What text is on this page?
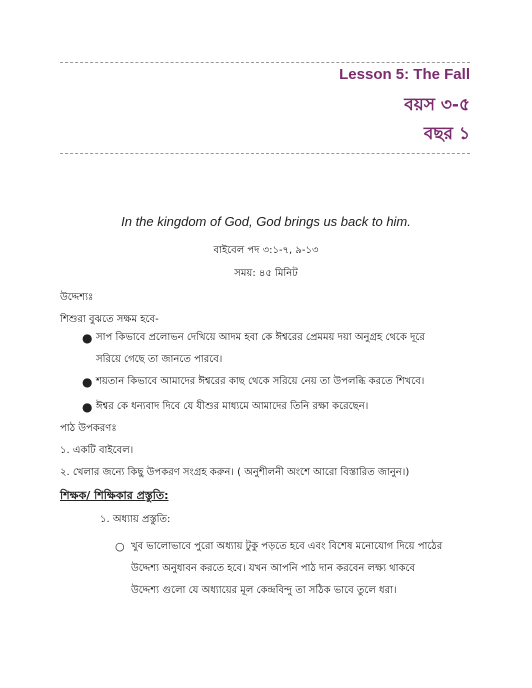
Lesson 5: The Fall
বয়স ৩-৫
বছর ১
In the kingdom of God, God brings us back to him.
বাইবেল পদ ৩:১-৭, ৯-১৩
সময়: ৪৫ মিনিট
উদ্দেশ্যঃ
শিশুরা বুঝতে সক্ষম হবে-
● সাপ কিভাবে প্রলোভন দেখিয়ে আদম হবা কে ঈশ্বরের প্রেমময় দয়া অনুগ্রহ থেকে দূরে
সরিয়ে গেছে তা জানতে পারবে।
● শয়তান কিভাবে আমাদের ঈশ্বরের কাছ থেকে সরিয়ে নেয় তা উপলব্ধি করতে শিখবে।
● ঈশ্বর কে ধন্যবাদ দিবে যে যীশুর মাধ্যমে আমাদের তিনি রক্ষা করেছেন।
পাঠ উপকরণঃ
১. একটি বাইবেল।
২. খেলার জন্যে কিছু উপকরণ সংগ্রহ করুন। ( অনুশীলনী অংশে আরো বিস্তারিত জানুন।)
শিক্ষক/ শিক্ষিকার প্রস্তুতি:
১. অধ্যায় প্রস্তুতি:
○ খুব ভালোভাবে পুরো অধ্যায় টুকু পড়তে হবে এবং বিশেষ মনোযোগ দিয়ে পাঠের
উদ্দেশ্য অনুধাবন করতে হবে। যখন আপনি পাঠ দান করবেন লক্ষ্য থাকবে
উদ্দেশ্য গুলো যে অধ্যায়ের মূল কেন্দ্রবিন্দু তা সঠিক ভাবে তুলে ধরা।
